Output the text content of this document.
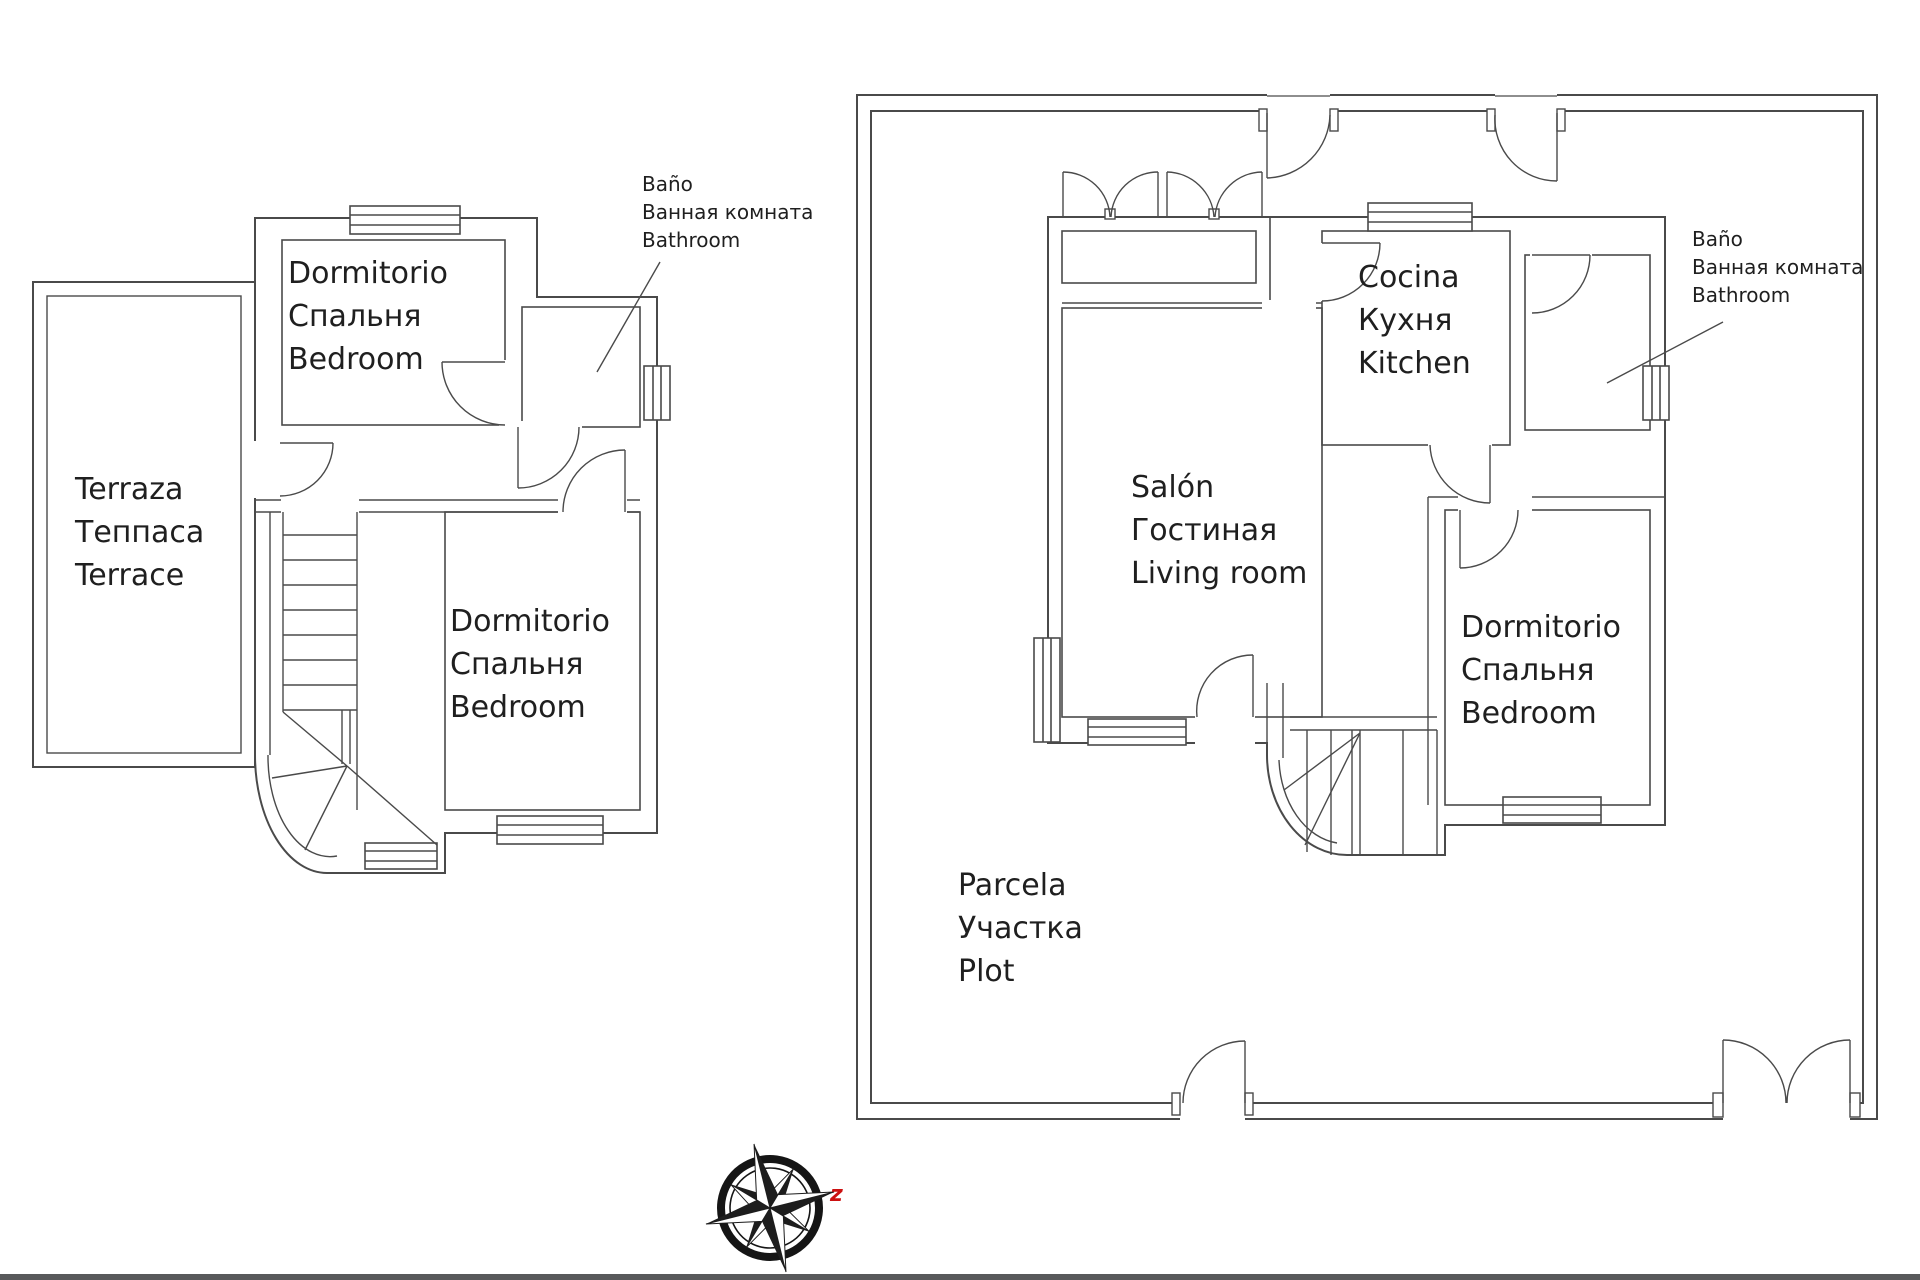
Dormitorio
Спальня
Bedroom
Terraza
Теппаса
Terrace
Dormitorio
Спальня
Bedroom
Baño
Ванная комната
Bathroom
Cocina
Кухня
Kitchen
Salón
Гостиная
Living room
Dormitorio
Спальня
Bedroom
Baño
Ванная комната
Bathroom
Parcela
Участка
Plot
z
